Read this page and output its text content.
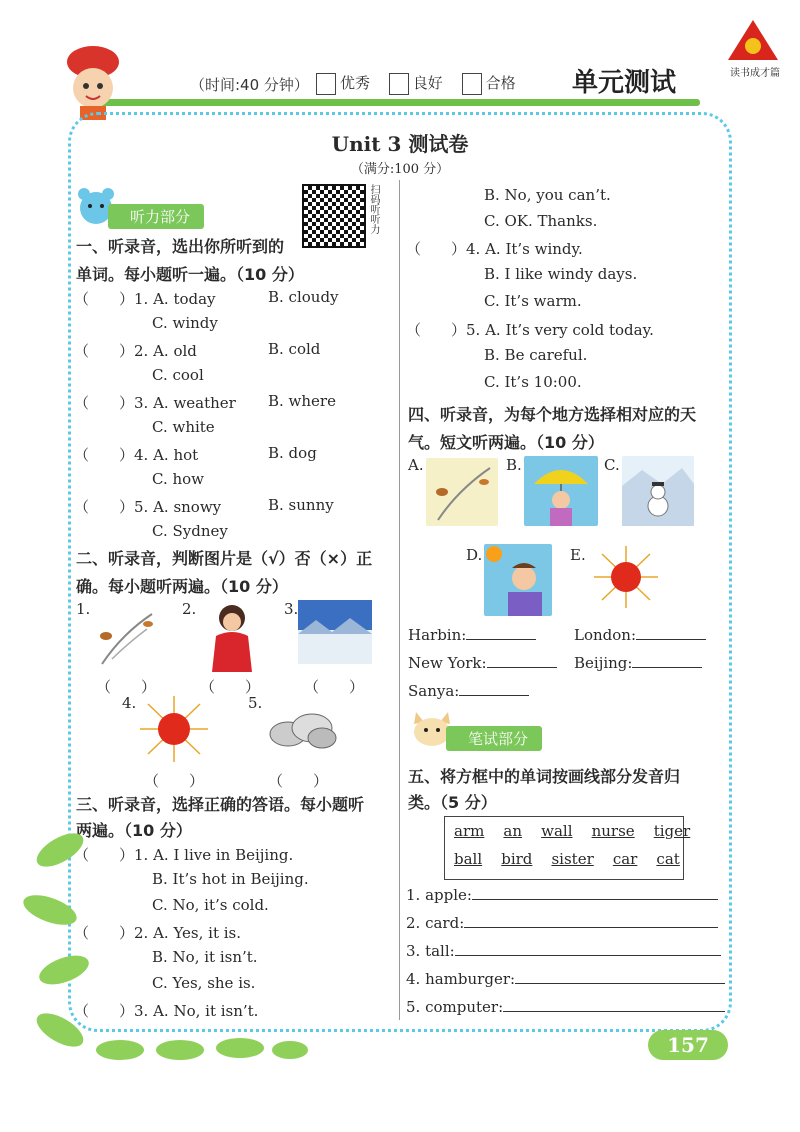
（时间:40 分钟）	优秀	良好	合格 单元测试	读书成才篇
Unit 3 测试卷
（满分:100 分）
听力部分	扫码听听力
一、听录音，选出你所听到的
单词。每小题听一遍。（10 分）
（　　）1. A. today	B. cloudy
C. windy
（　　）2. A. old	B. cold
C. cool
（　　）3. A. weather B. where
C. white
（　　）4. A. hot	B. dog
C. how
（　　）5. A. snowy	B. sunny
C. Sydney
二、听录音，判断图片是（√）否（×）正
确。每小题听两遍。（10 分）
1.	2.	3.
（　　）	（　　）	（　　）
4.	5.
（　　）	（　　）
三、听录音，选择正确的答语。每小题听
两遍。（10 分）
（　　）1. A. I live in Beijing.
B. It’s hot in Beijing.
C. No, it’s cold.
（　　）2. A. Yes, it is.
B. No, it isn’t.
C. Yes, she is.
（　　）3. A. No, it isn’t.
B. No, you can’t.
C. OK. Thanks.
（　　）4. A. It’s windy.
B. I like windy days.
C. It’s warm.
（　　）5. A. It’s very cold today.
B. Be careful.
C. It’s 10:00.
四、听录音，为每个地方选择相对应的天
气。短文听两遍。（10 分）
A.	B.	C.
D.	E.
Harbin:	London:
New York:	Beijing:
Sanya:
笔试部分
五、将方框中的单词按画线部分发音归
类。（5 分）
arm an wall nurse tiger
ball bird sister car cat
1. apple:
2. card:
3. tall:
4. hamburger:
5. computer:
157
